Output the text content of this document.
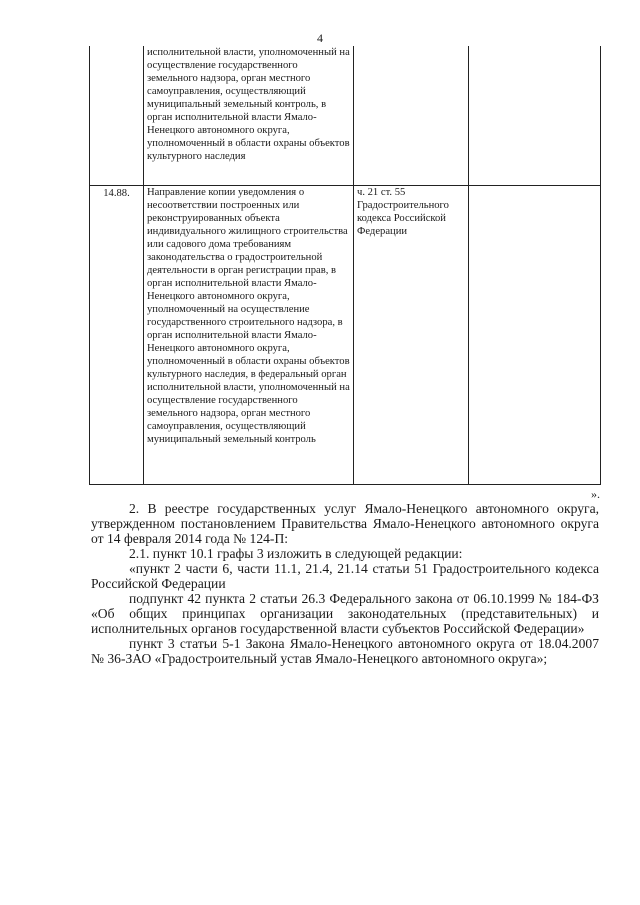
4
	исполнительной власти, уполномоченный на осуществление государственного земельного надзора, орган местного самоуправления, осуществляющий муниципальный земельный контроль, в орган исполнительной власти Ямало-Ненецкого автономного округа, уполномоченный в области охраны объектов культурного наследия		
14.88.	Направление копии уведомления о несоответствии построенных или реконструированных объекта индивидуального жилищного строительства или садового дома требованиям законодательства о градостроительной деятельности в орган регистрации прав, в орган исполнительной власти Ямало-Ненецкого автономного округа, уполномоченный на осуществление государственного строительного надзора, в орган исполнительной власти Ямало-Ненецкого автономного округа, уполномоченный в области охраны объектов культурного наследия, в федеральный орган исполнительной власти, уполномоченный на осуществление государственного земельного надзора, орган местного самоуправления, осуществляющий муниципальный земельный контроль	ч. 21 ст. 55 Градостроительного кодекса Российской Федерации	
».

2. В реестре государственных услуг Ямало-Ненецкого автономного округа, утвержденном постановлением Правительства Ямало-Ненецкого автономного округа от 14 февраля 2014 года № 124-П:

2.1. пункт 10.1 графы 3 изложить в следующей редакции:

«пункт 2 части 6, части 11.1, 21.4, 21.14 статьи 51 Градостроительного кодекса Российской Федерации

подпункт 42 пункта 2 статьи 26.3 Федерального закона от 06.10.1999 № 184-ФЗ «Об общих принципах организации законодательных (представительных) и исполнительных органов государственной власти субъектов Российской Федерации»

пункт 3 статьи 5-1 Закона Ямало-Ненецкого автономного округа от 18.04.2007 № 36-ЗАО «Градостроительный устав Ямало-Ненецкого автономного округа»;
